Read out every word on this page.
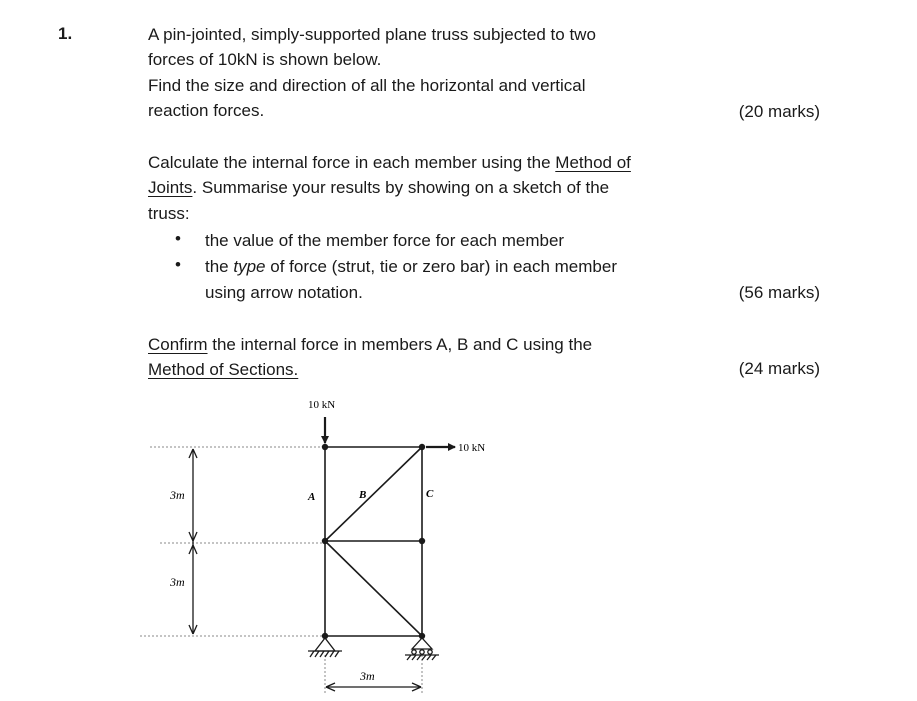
1.	A pin-jointed, simply-supported plane truss subjected to two
forces of 10kN is shown below.
Find the size and direction of all the horizontal and vertical
reaction forces.	(20 marks)
Calculate the internal force in each member using the Method of
Joints. Summarise your results by showing on a sketch of the
truss:
• the value of the member force for each member
• the type of force (strut, tie or zero bar) in each member
using arrow notation.	(56 marks)
Confirm the internal force in members A, B and C using the
Method of Sections.	(24 marks)
3m
3m
3m
10 kN
10 kN
A	B	C
